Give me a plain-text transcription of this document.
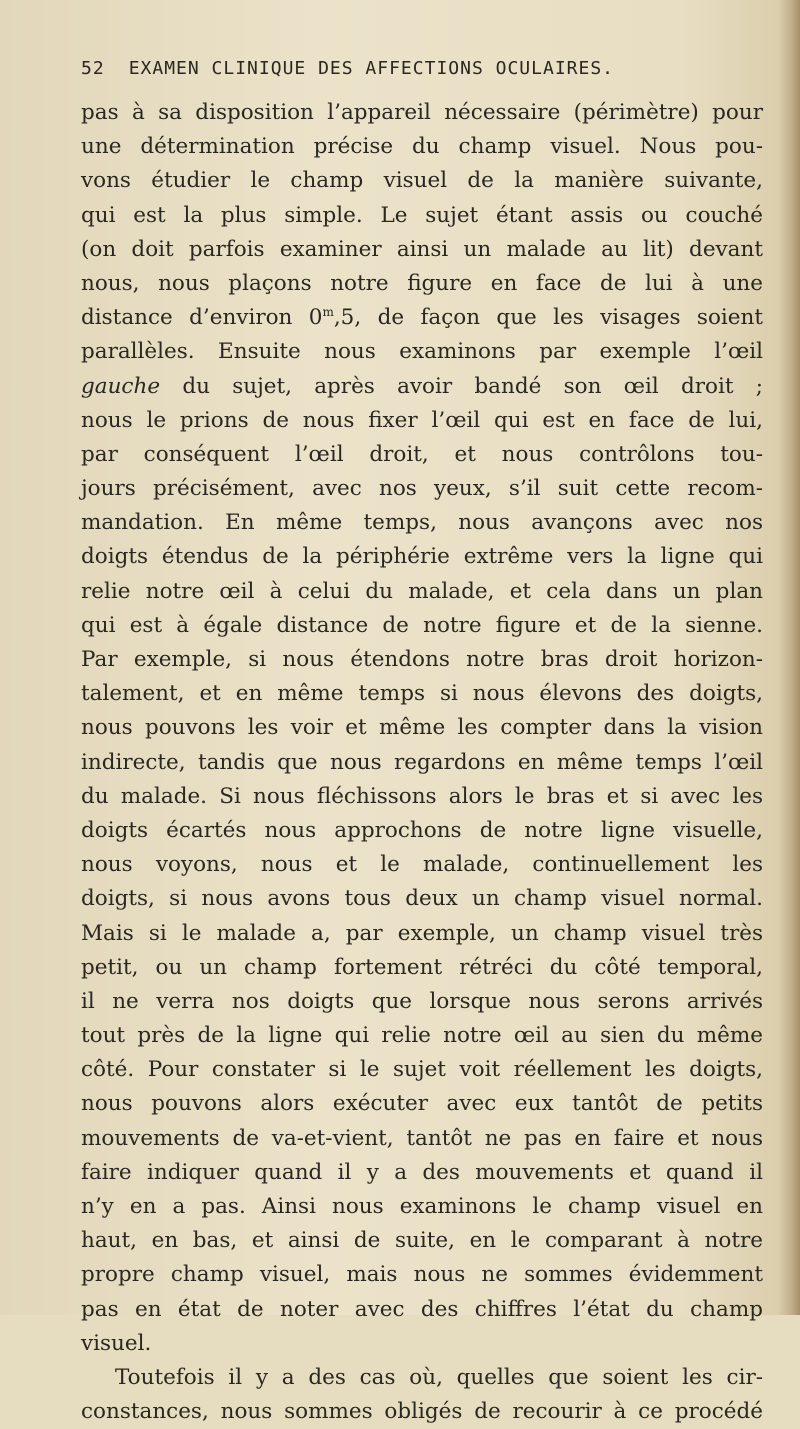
52 EXAMEN CLINIQUE DES AFFECTIONS OCULAIRES.
pas à sa disposition l’appareil nécessaire (périmètre) pour
une détermination précise du champ visuel. Nous pou-
vons étudier le champ visuel de la manière suivante,
qui est la plus simple. Le sujet étant assis ou couché
(on doit parfois examiner ainsi un malade au lit) devant
nous, nous plaçons notre figure en face de lui à une
distance d’environ 0$^m$,5, de façon que les visages soient
parallèles. Ensuite nous examinons par exemple l’œil
gauche du sujet, après avoir bandé son œil droit ;
nous le prions de nous fixer l’œil qui est en face de lui,
par conséquent l’œil droit, et nous contrôlons tou-
jours précisément, avec nos yeux, s’il suit cette recom-
mandation. En même temps, nous avançons avec nos
doigts étendus de la périphérie extrême vers la ligne qui
relie notre œil à celui du malade, et cela dans un plan
qui est à égale distance de notre figure et de la sienne.
Par exemple, si nous étendons notre bras droit horizon-
talement, et en même temps si nous élevons des doigts,
nous pouvons les voir et même les compter dans la vision
indirecte, tandis que nous regardons en même temps l’œil
du malade. Si nous fléchissons alors le bras et si avec les
doigts écartés nous approchons de notre ligne visuelle,
nous voyons, nous et le malade, continuellement les
doigts, si nous avons tous deux un champ visuel normal.
Mais si le malade a, par exemple, un champ visuel très
petit, ou un champ fortement rétréci du côté temporal,
il ne verra nos doigts que lorsque nous serons arrivés
tout près de la ligne qui relie notre œil au sien du même
côté. Pour constater si le sujet voit réellement les doigts,
nous pouvons alors exécuter avec eux tantôt de petits
mouvements de va-et-vient, tantôt ne pas en faire et nous
faire indiquer quand il y a des mouvements et quand il
n’y en a pas. Ainsi nous examinons le champ visuel en
haut, en bas, et ainsi de suite, en le comparant à notre
propre champ visuel, mais nous ne sommes évidemment
pas en état de noter avec des chiffres l’état du champ
visuel.
Toutefois il y a des cas où, quelles que soient les cir-
constances, nous sommes obligés de recourir à ce procédé
